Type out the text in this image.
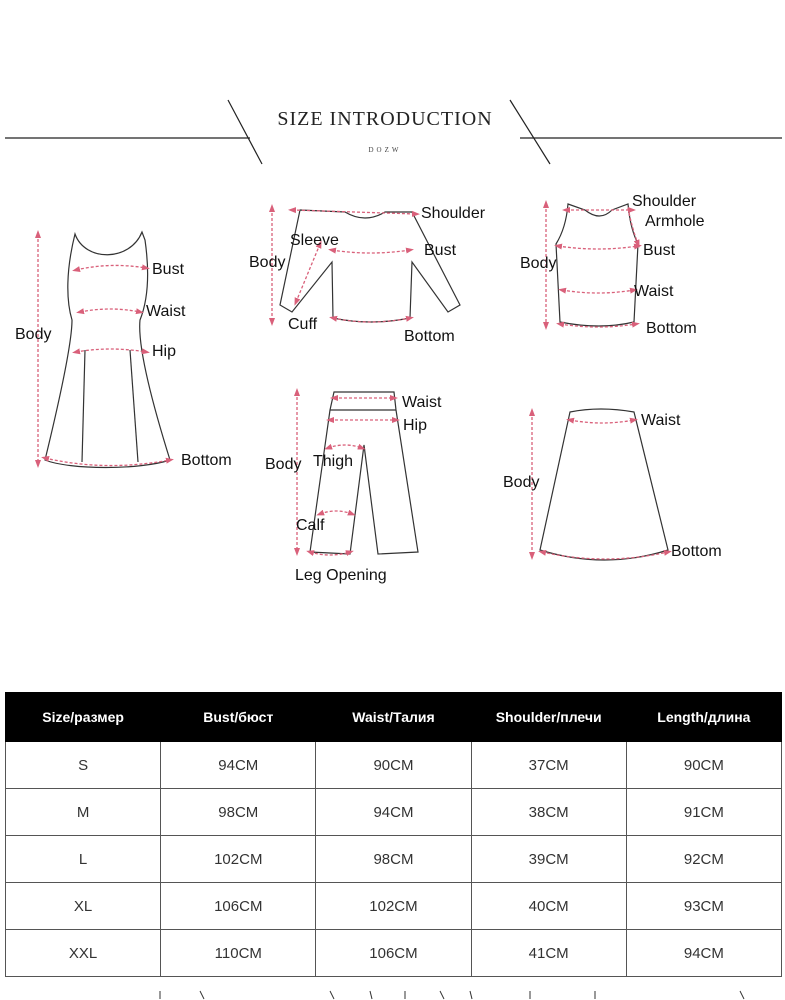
SIZE INTRODUCTION
DOZW
Bust
Waist
Hip
Body
Bottom
Shoulder
Sleeve
Bust
Body
Cuff
Bottom
Shoulder
Armhole
Bust
Body
Waist
Bottom
Waist
Hip
Body Thigh
Calf
Leg Opening
Waist
Body
Bottom
Size/размер	Bust/бюст	Waist/Талия	Shoulder/плечи	Length/длина
S	94CM	90CM	37CM	90CM
M	98CM	94CM	38CM	91CM
L	102CM	98CM	39CM	92CM
XL	106CM	102CM	40CM	93CM
XXL	110CM	106CM	41CM	94CM
